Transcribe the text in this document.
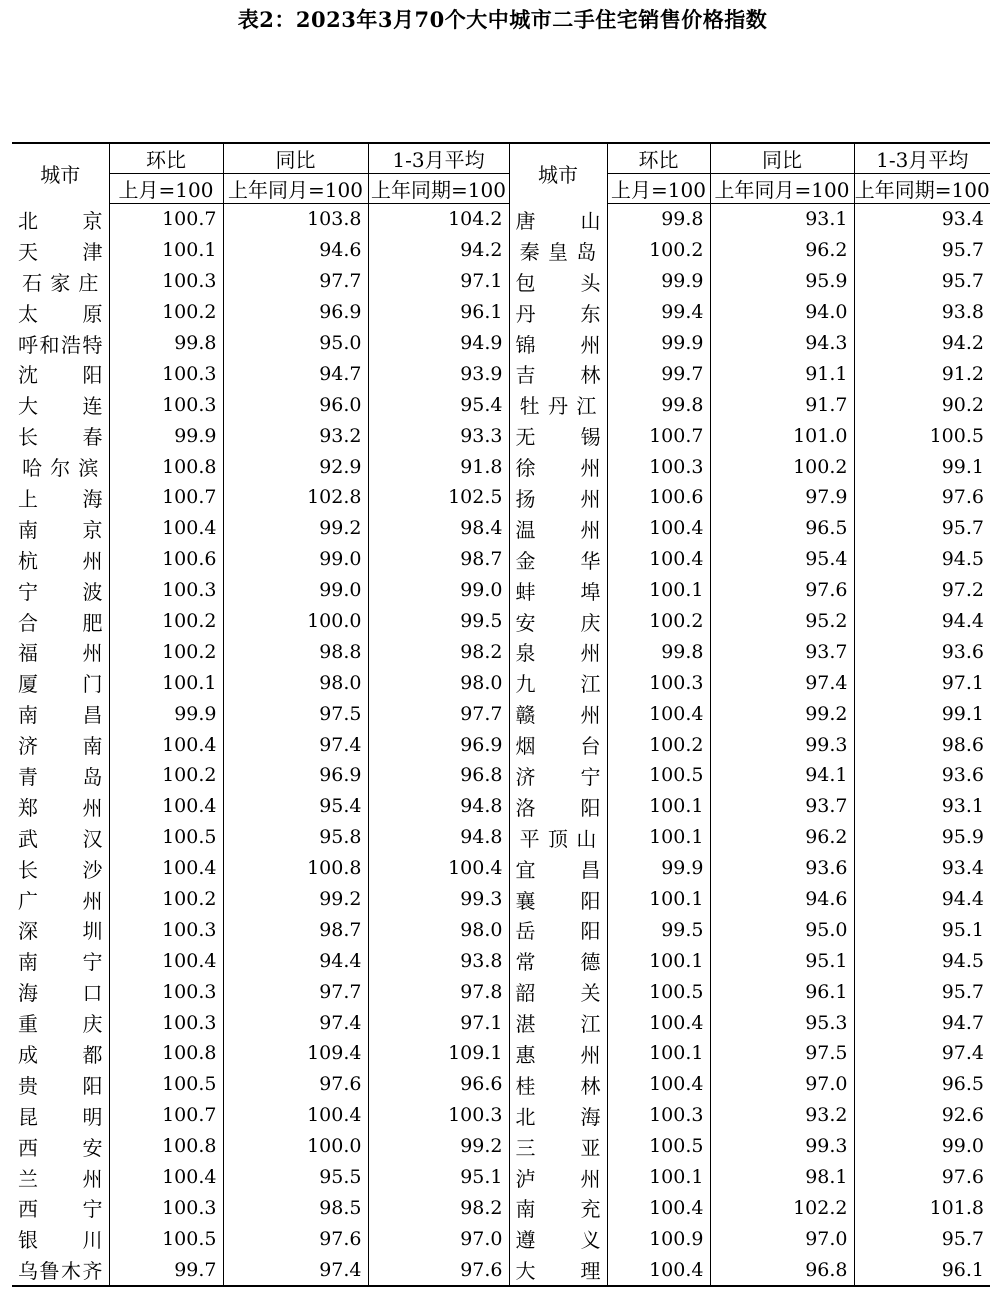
表2：2023年3月70个大中城市二手住宅销售价格指数
城市	环比	同比	1-3月平均	城市	环比	同比	1-3月平均
	上月=100	上年同月=100	上年同期=100		上月=100	上年同月=100	上年同期=100

北 京	100.7	103.8	104.2	唐 山	99.8	93.1	93.4

天 津	100.1	94.6	94.2	秦 皇 岛	100.2	96.2	95.7

石 家 庄	100.3	97.7	97.1	包 头	99.9	95.9	95.7

太 原	100.2	96.9	96.1	丹 东	99.4	94.0	93.8

呼 和 浩 特	99.8	95.0	94.9	锦 州	99.9	94.3	94.2

沈 阳	100.3	94.7	93.9	吉 林	99.7	91.1	91.2

大 连	100.3	96.0	95.4	牡 丹 江	99.8	91.7	90.2

长 春	99.9	93.2	93.3	无 锡	100.7	101.0	100.5

哈 尔 滨	100.8	92.9	91.8	徐 州	100.3	100.2	99.1

上 海	100.7	102.8	102.5	扬 州	100.6	97.9	97.6

南 京	100.4	99.2	98.4	温 州	100.4	96.5	95.7

杭 州	100.6	99.0	98.7	金 华	100.4	95.4	94.5

宁 波	100.3	99.0	99.0	蚌 埠	100.1	97.6	97.2

合 肥	100.2	100.0	99.5	安 庆	100.2	95.2	94.4

福 州	100.2	98.8	98.2	泉 州	99.8	93.7	93.6

厦 门	100.1	98.0	98.0	九 江	100.3	97.4	97.1

南 昌	99.9	97.5	97.7	赣 州	100.4	99.2	99.1

济 南	100.4	97.4	96.9	烟 台	100.2	99.3	98.6

青 岛	100.2	96.9	96.8	济 宁	100.5	94.1	93.6

郑 州	100.4	95.4	94.8	洛 阳	100.1	93.7	93.1

武 汉	100.5	95.8	94.8	平 顶 山	100.1	96.2	95.9

长 沙	100.4	100.8	100.4	宜 昌	99.9	93.6	93.4

广 州	100.2	99.2	99.3	襄 阳	100.1	94.6	94.4

深 圳	100.3	98.7	98.0	岳 阳	99.5	95.0	95.1

南 宁	100.4	94.4	93.8	常 德	100.1	95.1	94.5

海 口	100.3	97.7	97.8	韶 关	100.5	96.1	95.7

重 庆	100.3	97.4	97.1	湛 江	100.4	95.3	94.7

成 都	100.8	109.4	109.1	惠 州	100.1	97.5	97.4

贵 阳	100.5	97.6	96.6	桂 林	100.4	97.0	96.5

昆 明	100.7	100.4	100.3	北 海	100.3	93.2	92.6

西 安	100.8	100.0	99.2	三 亚	100.5	99.3	99.0

兰 州	100.4	95.5	95.1	泸 州	100.1	98.1	97.6

西 宁	100.3	98.5	98.2	南 充	100.4	102.2	101.8

银 川	100.5	97.6	97.0	遵 义	100.9	97.0	95.7

乌 鲁 木 齐	99.7	97.4	97.6	大 理	100.4	96.8	96.1
